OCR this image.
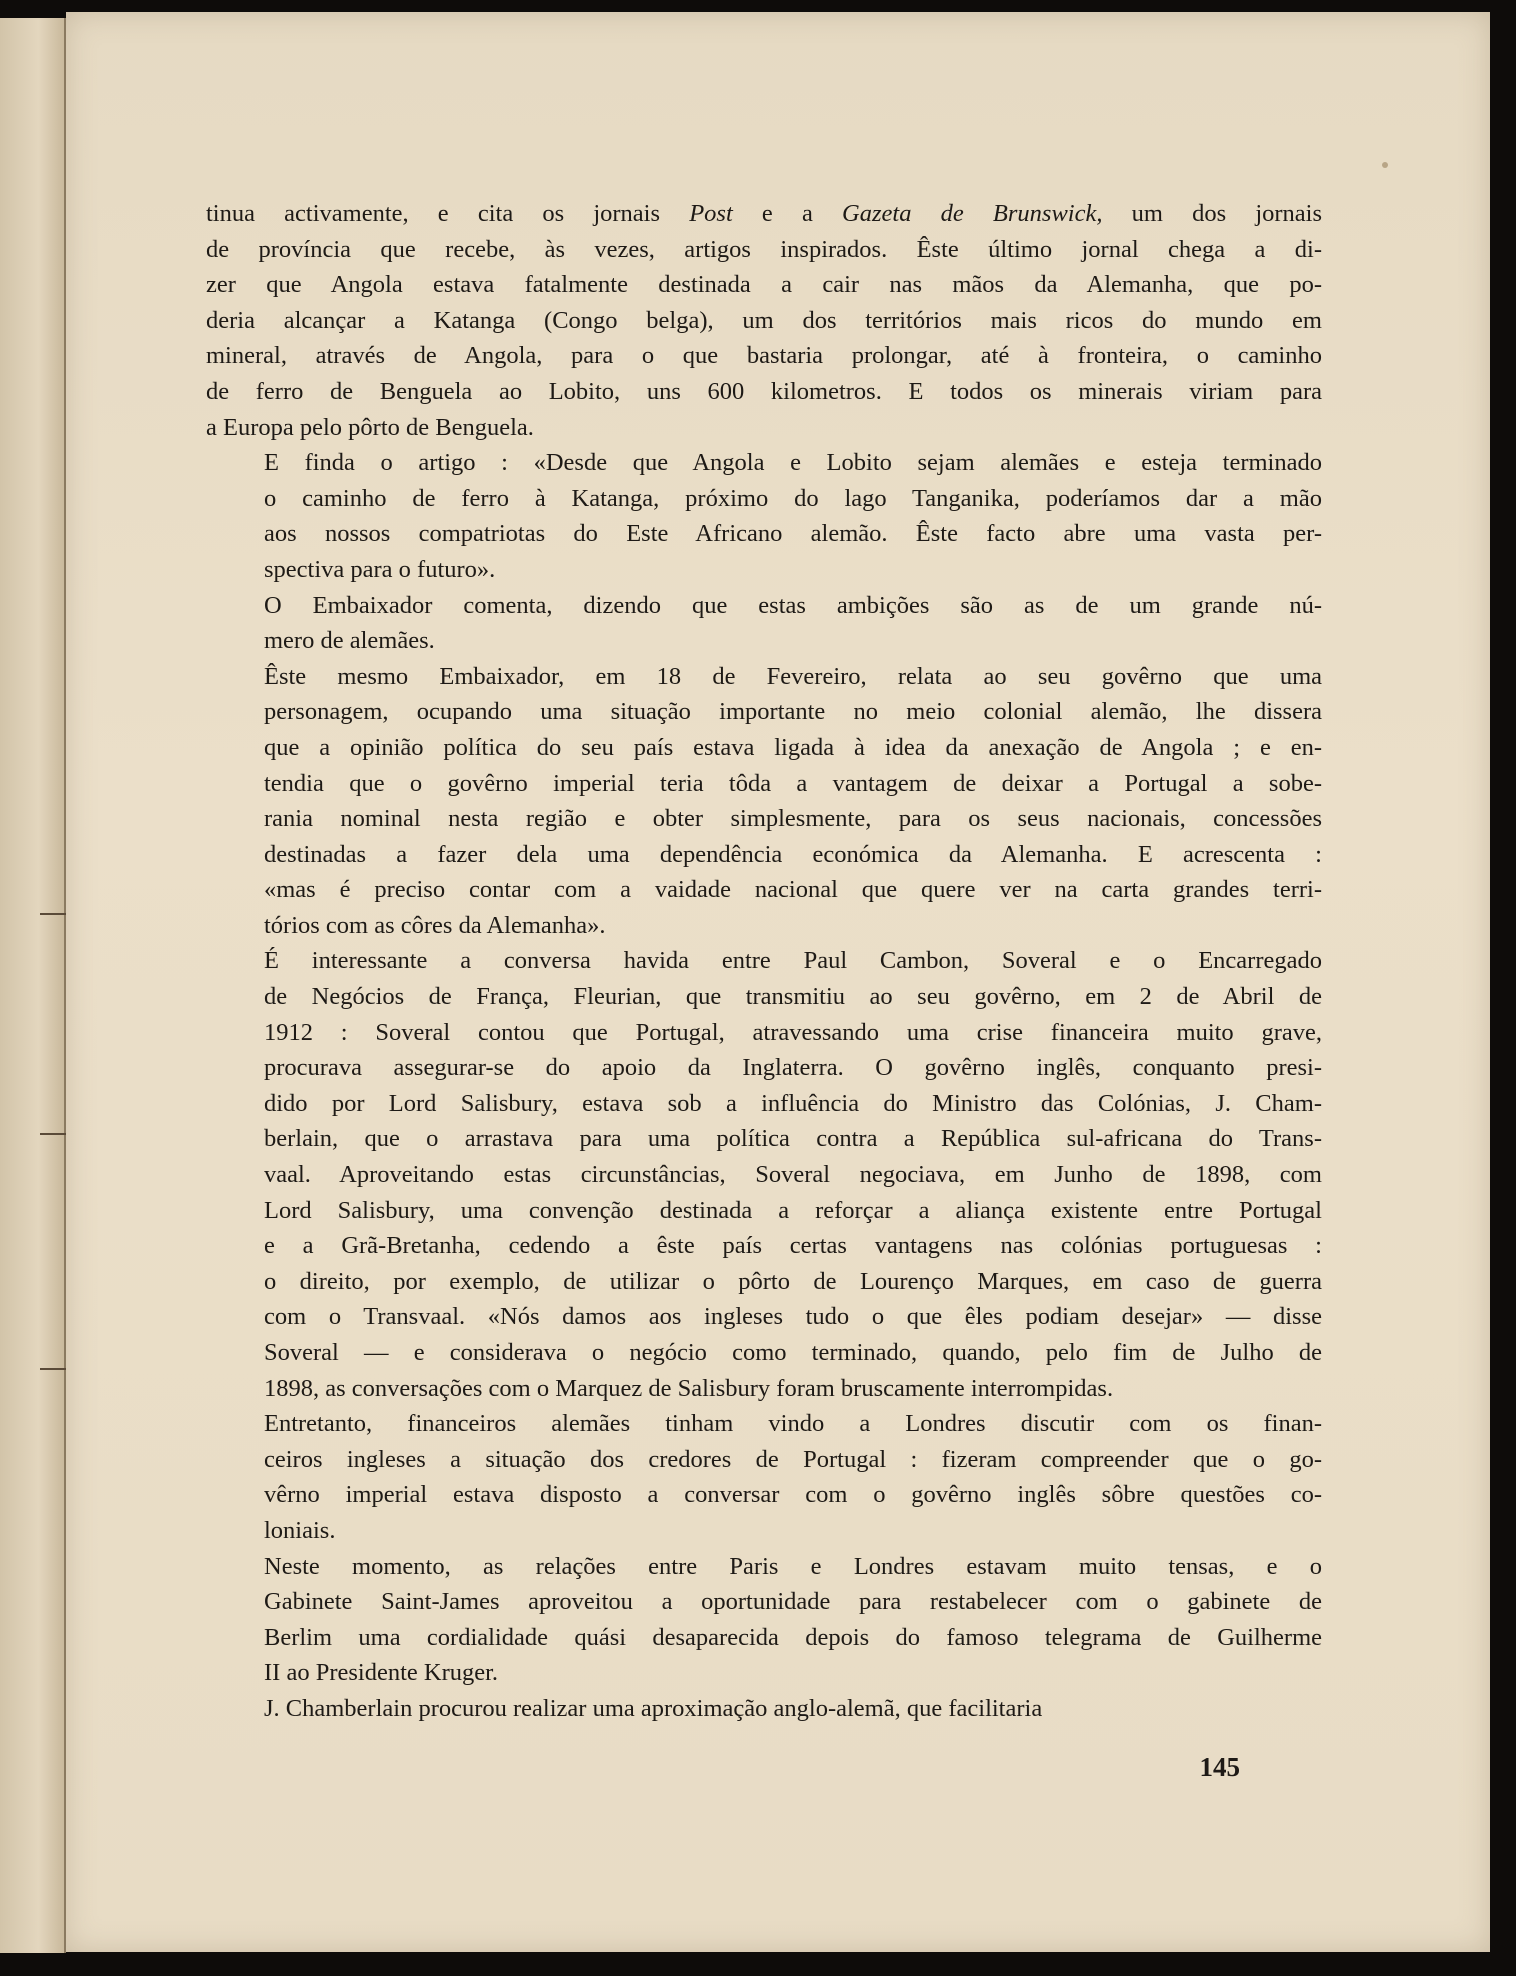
tinua activamente, e cita os jornais Post e a Gazeta de Brunswick, um dos jornais
de província que recebe, às vezes, artigos inspirados. Êste último jornal chega a di-
zer que Angola estava fatalmente destinada a cair nas mãos da Alemanha, que po-
deria alcançar a Katanga (Congo belga), um dos territórios mais ricos do mundo em
mineral, através de Angola, para o que bastaria prolongar, até à fronteira, o caminho
de ferro de Benguela ao Lobito, uns 600 kilometros. E todos os minerais viriam para
a Europa pelo pôrto de Benguela.

E finda o artigo : «Desde que Angola e Lobito sejam alemães e esteja terminado
o caminho de ferro à Katanga, próximo do lago Tanganika, poderíamos dar a mão
aos nossos compatriotas do Este Africano alemão. Êste facto abre uma vasta per-
spectiva para o futuro».

O Embaixador comenta, dizendo que estas ambições são as de um grande nú-
mero de alemães.

Êste mesmo Embaixador, em 18 de Fevereiro, relata ao seu govêrno que uma
personagem, ocupando uma situação importante no meio colonial alemão, lhe dissera
que a opinião política do seu país estava ligada à idea da anexação de Angola ; e en-
tendia que o govêrno imperial teria tôda a vantagem de deixar a Portugal a sobe-
rania nominal nesta região e obter simplesmente, para os seus nacionais, concessões
destinadas a fazer dela uma dependência económica da Alemanha. E acrescenta :
«mas é preciso contar com a vaidade nacional que quere ver na carta grandes terri-
tórios com as côres da Alemanha».

É interessante a conversa havida entre Paul Cambon, Soveral e o Encarregado
de Negócios de França, Fleurian, que transmitiu ao seu govêrno, em 2 de Abril de
1912 : Soveral contou que Portugal, atravessando uma crise financeira muito grave,
procurava assegurar-se do apoio da Inglaterra. O govêrno inglês, conquanto presi-
dido por Lord Salisbury, estava sob a influência do Ministro das Colónias, J. Cham-
berlain, que o arrastava para uma política contra a República sul-africana do Trans-
vaal. Aproveitando estas circunstâncias, Soveral negociava, em Junho de 1898, com
Lord Salisbury, uma convenção destinada a reforçar a aliança existente entre Portugal
e a Grã-Bretanha, cedendo a êste país certas vantagens nas colónias portuguesas :
o direito, por exemplo, de utilizar o pôrto de Lourenço Marques, em caso de guerra
com o Transvaal. «Nós damos aos ingleses tudo o que êles podiam desejar» — disse
Soveral — e considerava o negócio como terminado, quando, pelo fim de Julho de
1898, as conversações com o Marquez de Salisbury foram bruscamente interrompidas.

Entretanto, financeiros alemães tinham vindo a Londres discutir com os finan-
ceiros ingleses a situação dos credores de Portugal : fizeram compreender que o go-
vêrno imperial estava disposto a conversar com o govêrno inglês sôbre questões co-
loniais.

Neste momento, as relações entre Paris e Londres estavam muito tensas, e o
Gabinete Saint-James aproveitou a oportunidade para restabelecer com o gabinete de
Berlim uma cordialidade quási desaparecida depois do famoso telegrama de Guilherme
II ao Presidente Kruger.

J. Chamberlain procurou realizar uma aproximação anglo-alemã, que facilitaria

145
